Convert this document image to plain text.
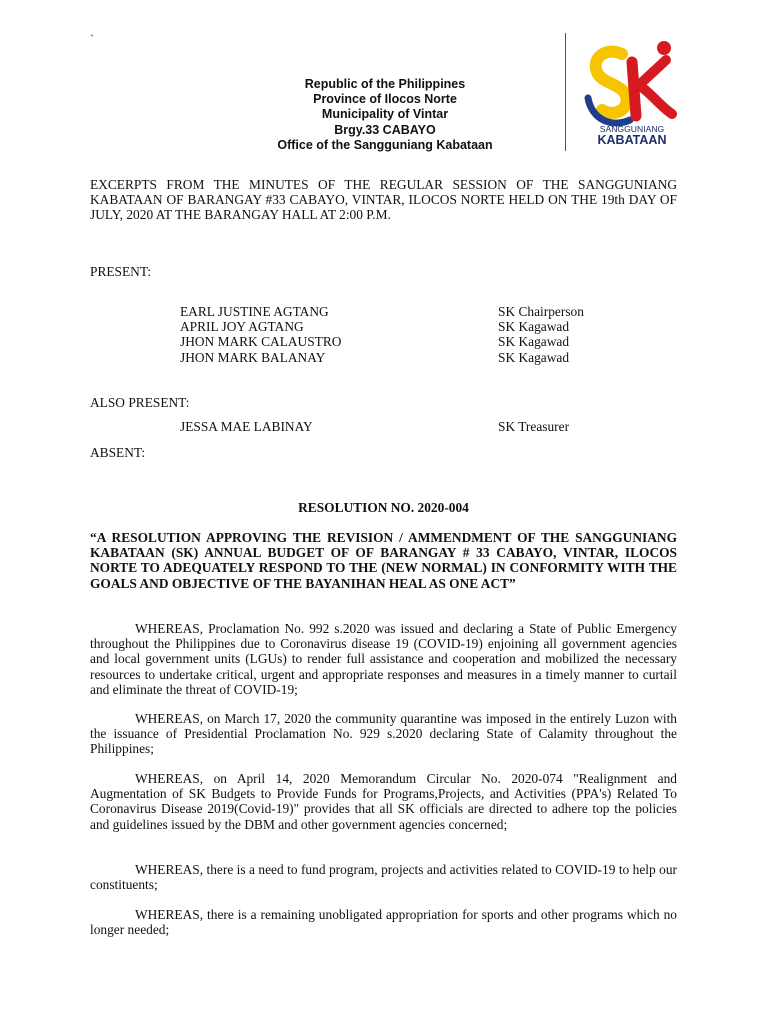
`
Republic of the Philippines
Province of Ilocos Norte
Municipality of Vintar
Brgy.33 CABAYO
Office of the Sangguniang Kabataan
SANGGUNIANG
KABATAAN

EXCERPTS FROM THE MINUTES OF THE REGULAR SESSION OF THE SANGGUNIANG KABATAAN OF BARANGAY #33 CABAYO, VINTAR, ILOCOS NORTE HELD ON THE 19th DAY OF JULY, 2020 AT THE BARANGAY HALL AT 2:00 P.M.

PRESENT:
EARL JUSTINE AGTANG	SK Chairperson
APRIL JOY AGTANG	SK Kagawad
JHON MARK CALAUSTRO	SK Kagawad
JHON MARK BALANAY	SK Kagawad
ALSO PRESENT:
JESSA MAE LABINAY	SK Treasurer
ABSENT:
RESOLUTION NO. 2020-004

“A RESOLUTION APPROVING THE REVISION / AMMENDMENT OF THE SANGGUNIANG KABATAAN (SK) ANNUAL BUDGET OF OF BARANGAY # 33 CABAYO, VINTAR, ILOCOS NORTE TO ADEQUATELY RESPOND TO THE (NEW NORMAL) IN CONFORMITY WITH THE GOALS AND OBJECTIVE OF THE BAYANIHAN HEAL AS ONE ACT”

WHEREAS, Proclamation No. 992 s.2020 was issued and declaring a State of Public Emergency throughout the Philippines due to Coronavirus disease 19 (COVID-19) enjoining all government agencies and local government units (LGUs) to render full assistance and cooperation and mobilized the necessary resources to undertake critical, urgent and appropriate responses and measures in a timely manner to curtail and eliminate the threat of COVID-19;

WHEREAS, on March 17, 2020 the community quarantine was imposed in the entirely Luzon with the issuance of Presidential Proclamation No. 929 s.2020 declaring State of Calamity throughout the Philippines;

WHEREAS, on April 14, 2020 Memorandum Circular No. 2020-074 "Realignment and Augmentation of SK Budgets to Provide Funds for Programs,Projects, and Activities (PPA's) Related To Coronavirus Disease 2019(Covid-19)" provides that all SK officials are directed to adhere top the policies and guidelines issued by the DBM and other government agencies concerned;

WHEREAS, there is a need to fund program, projects and activities related to COVID-19 to help our constituents;

WHEREAS, there is a remaining unobligated appropriation for sports and other programs which no longer needed;
